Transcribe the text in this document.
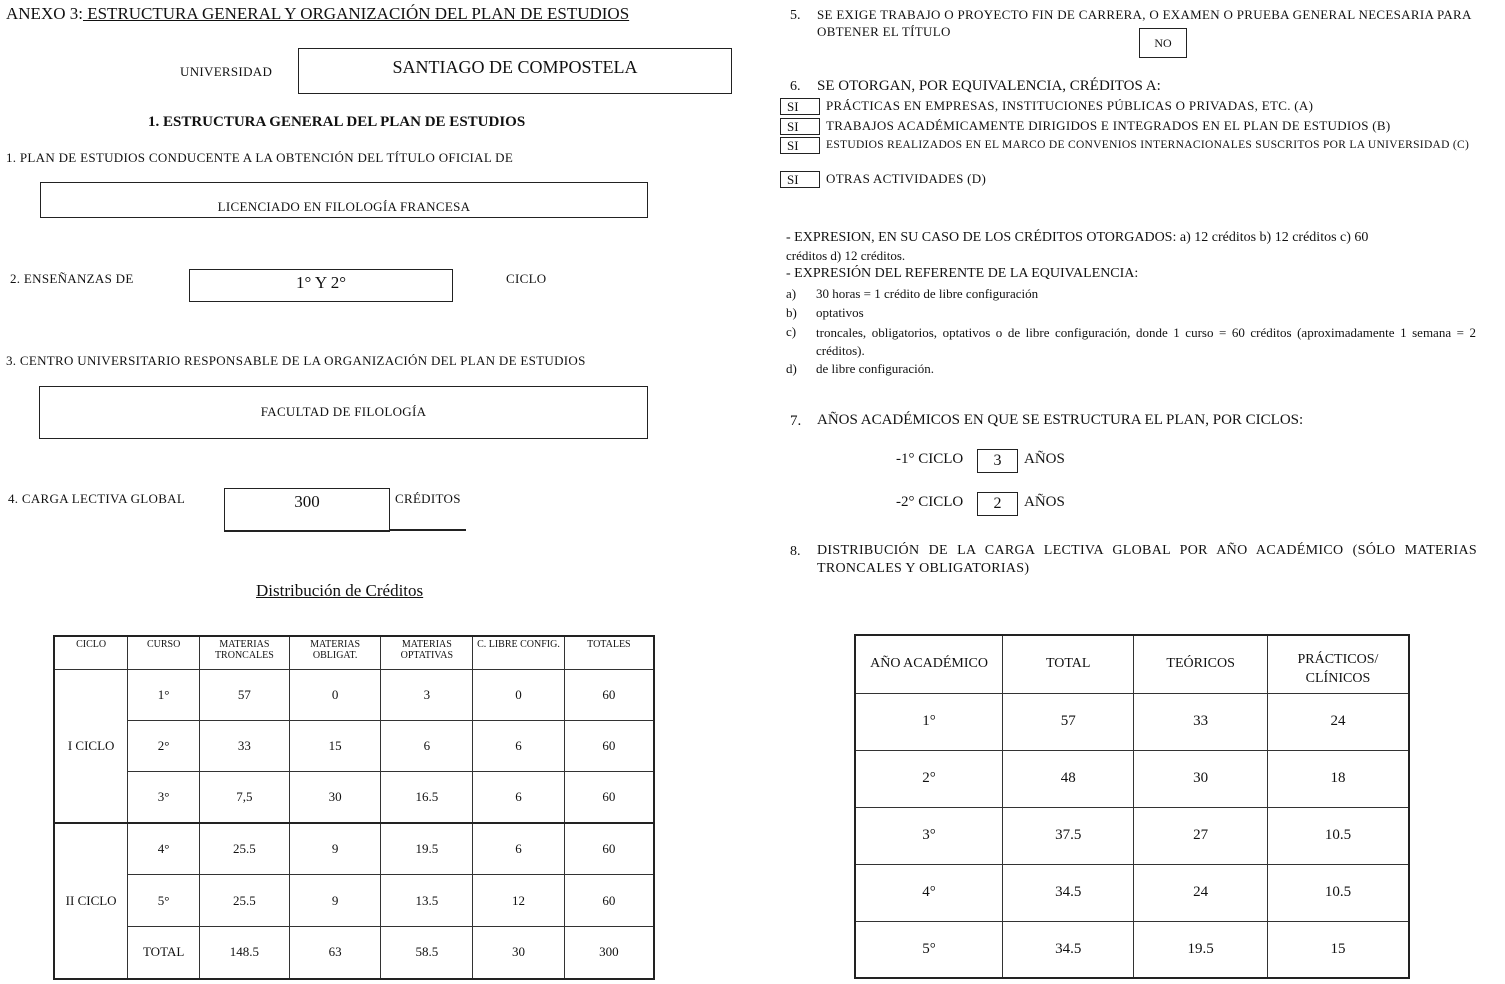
ANEXO 3: ESTRUCTURA GENERAL Y ORGANIZACIÓN DEL PLAN DE ESTUDIOS
UNIVERSIDAD	SANTIAGO DE COMPOSTELA
1. ESTRUCTURA GENERAL DEL PLAN DE ESTUDIOS
1. PLAN DE ESTUDIOS CONDUCENTE A LA OBTENCIÓN DEL TÍTULO OFICIAL DE
LICENCIADO EN FILOLOGÍA FRANCESA
2. ENSEÑANZAS DE	1° Y 2°	CICLO
3. CENTRO UNIVERSITARIO RESPONSABLE DE LA ORGANIZACIÓN DEL PLAN DE ESTUDIOS
FACULTAD DE FILOLOGÍA
4. CARGA LECTIVA GLOBAL	300	CRÉDITOS
Distribución de Créditos
CICLO	CURSO	MATERIAS TRONCALES	MATERIAS OBLIGAT.	MATERIAS OPTATIVAS	C. LIBRE CONFIG.	TOTALES
I CICLO	1°	57	0	3	0	60
	2°	33	15	6	6	60
	3°	7,5	30	16.5	6	60
II CICLO	4°	25.5	9	19.5	6	60
	5°	25.5	9	13.5	12	60
	TOTAL	148.5	63	58.5	30	300
5. SE EXIGE TRABAJO O PROYECTO FIN DE CARRERA, O EXAMEN O PRUEBA GENERAL NECESARIA PARA OBTENER EL TÍTULO
NO
6. SE OTORGAN, POR EQUIVALENCIA, CRÉDITOS A:
SI	PRÁCTICAS EN EMPRESAS, INSTITUCIONES PÚBLICAS O PRIVADAS, ETC. (A)
SI	TRABAJOS ACADÉMICAMENTE DIRIGIDOS E INTEGRADOS EN EL PLAN DE ESTUDIOS (B)
SI	ESTUDIOS REALIZADOS EN EL MARCO DE CONVENIOS INTERNACIONALES SUSCRITOS POR LA UNIVERSIDAD (C)
SI	OTRAS ACTIVIDADES (D)
- EXPRESION, EN SU CASO DE LOS CRÉDITOS OTORGADOS: a) 12 créditos b) 12 créditos c) 60
créditos d) 12 créditos.
- EXPRESIÓN DEL REFERENTE DE LA EQUIVALENCIA:
a)	30 horas = 1 crédito de libre configuración
b)	optativos
c)	troncales, obligatorios, optativos o de libre configuración, donde 1 curso = 60 créditos (aproximadamente 1 semana = 2 créditos).
d)	de libre configuración.
7. AÑOS ACADÉMICOS EN QUE SE ESTRUCTURA EL PLAN, POR CICLOS:
-1° CICLO	3	AÑOS
-2° CICLO	2	AÑOS
8. DISTRIBUCIÓN DE LA CARGA LECTIVA GLOBAL POR AÑO ACADÉMICO (SÓLO MATERIAS TRONCALES Y OBLIGATORIAS)
AÑO ACADÉMICO	TOTAL	TEÓRICOS	PRÁCTICOS/ CLÍNICOS
1°	57	33	24
2°	48	30	18
3°	37.5	27	10.5
4°	34.5	24	10.5
5°	34.5	19.5	15
